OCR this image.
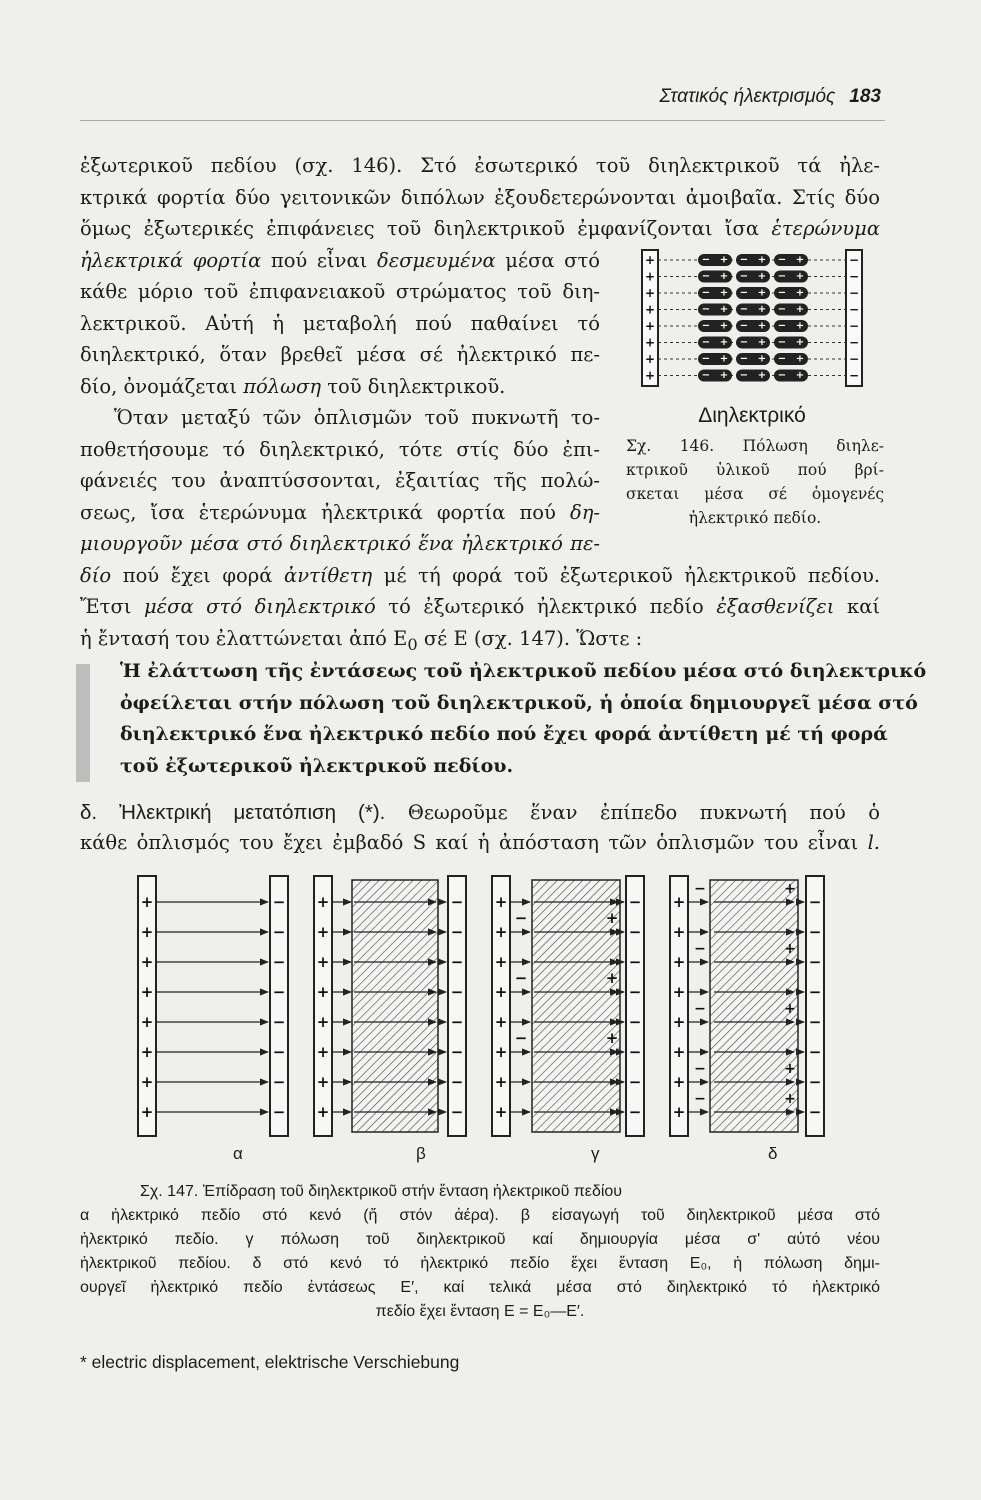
Στατικός ήλεκτρισμός 183
ἐξωτερικοῦ πεδίου (σχ. 146). Στό ἐσωτερικό τοῦ διηλεκτρικοῦ τά ἠλε-
κτρικά φορτία δύο γειτονικῶν διπόλων ἐξουδετερώνονται ἀμοιβαῖα. Στίς δύο
ὅμως ἐξωτερικές ἐπιφάνειες τοῦ διηλεκτρικοῦ ἐμφανίζονται ἴσα ἑτερώνυμα
ἠλεκτρικά φορτία πού εἶναι δεσμευμένα μέσα στό
κάθε μόριο τοῦ ἐπιφανειακοῦ στρώματος τοῦ διη-
λεκτρικοῦ. Αὐτή ἡ μεταβολή πού παθαίνει τό
διηλεκτρικό, ὅταν βρεθεῖ μέσα σέ ἠλεκτρικό πε-
δίο, ὀνομάζεται πόλωση τοῦ διηλεκτρικοῦ.
Ὅταν μεταξύ τῶν ὁπλισμῶν τοῦ πυκνωτῆ το-
ποθετήσουμε τό διηλεκτρικό, τότε στίς δύο ἐπι-
φάνειές του ἀναπτύσσονται, ἐξαιτίας τῆς πολώ-
σεως, ἴσα ἑτερώνυμα ἠλεκτρικά φορτία πού δη-
μιουργοῦν μέσα στό διηλεκτρικό ἕνα ἠλεκτρικό πε-
δίο πού ἔχει φορά ἀντίθετη μέ τή φορά τοῦ ἐξωτερικοῦ ἠλεκτρικοῦ πεδίου.
Ἔτσι μέσα στό διηλεκτρικό τό ἐξωτερικό ἠλεκτρικό πεδίο ἐξασθενίζει καί
ἡ ἔντασή του ἐλαττώνεται ἀπό $E_0$ σέ E (σχ. 147). Ὥστε :
− + − + − +
− + − + − +
− + − + − +
− + − + − +
− + − + − +
− + − + − +
− + − + − +
− + − + − +
+	−
+	−
+	−
+	−
+	−
+	−
+	−
+	−
Διηλεκτρικό
Σχ. 146. Πόλωση διηλε-
κτρικοῦ ὑλικοῦ πού βρί-
σκεται μέσα σέ ὁμογενές
ἠλεκτρικό πεδίο.
Ἡ ἐλάττωση τῆς ἐντάσεως τοῦ ἠλεκτρικοῦ πεδίου μέσα στό διηλεκτρικό
ὀφείλεται στήν πόλωση τοῦ διηλεκτρικοῦ, ἡ ὁποία δημιουργεῖ μέσα στό
διηλεκτρικό ἕνα ἠλεκτρικό πεδίο πού ἔχει φορά ἀντίθετη μέ τή φορά
τοῦ ἐξωτερικοῦ ἠλεκτρικοῦ πεδίου.
δ. Ἠλεκτρική μετατόπιση (*). Θεωροῦμε ἕναν ἐπίπεδο πυκνωτή πού ὁ
κάθε ὁπλισμός του ἔχει ἐμβαδό S καί ἡ ἀπόσταση τῶν ὁπλισμῶν του εἶναι l.
+
+
+
+
+
+
+
+
−
−
−
−
−
−
−
−
+
+
+
+
+
+
+
+
−
−
−
−
−
−
−
−
+
+
+
+
+
+
+
+
−
−
−
−
−
−
−
−
−	+
−	+
−	+
+
+
+
+
+
+
+
+
−
−
−
−
−
−
−
−
−	+
−	+
−	+
−	+
−	+
α	β	γ	δ
Σχ. 147. Ἐπίδραση τοῦ διηλεκτρικοῦ στήν ἔνταση ἠλεκτρικοῦ πεδίου
α ἠλεκτρικό πεδίο στό κενό (ἤ στόν ἀέρα). β εἰσαγωγή τοῦ διηλεκτρικοῦ μέσα στό
ἠλεκτρικό πεδίο. γ πόλωση τοῦ διηλεκτρικοῦ καί δημιουργία μέσα σ' αὐτό νέου
ἠλεκτρικοῦ πεδίου. δ στό κενό τό ἠλεκτρικό πεδίο ἔχει ἔνταση E₀, ἡ πόλωση δημι-
ουργεῖ ἠλεκτρικό πεδίο ἐντάσεως E′, καί τελικά μέσα στό διηλεκτρικό τό ἠλεκτρικό
πεδίο ἔχει ἔνταση E = E₀—E′.
* electric displacement, elektrische Verschiebung
